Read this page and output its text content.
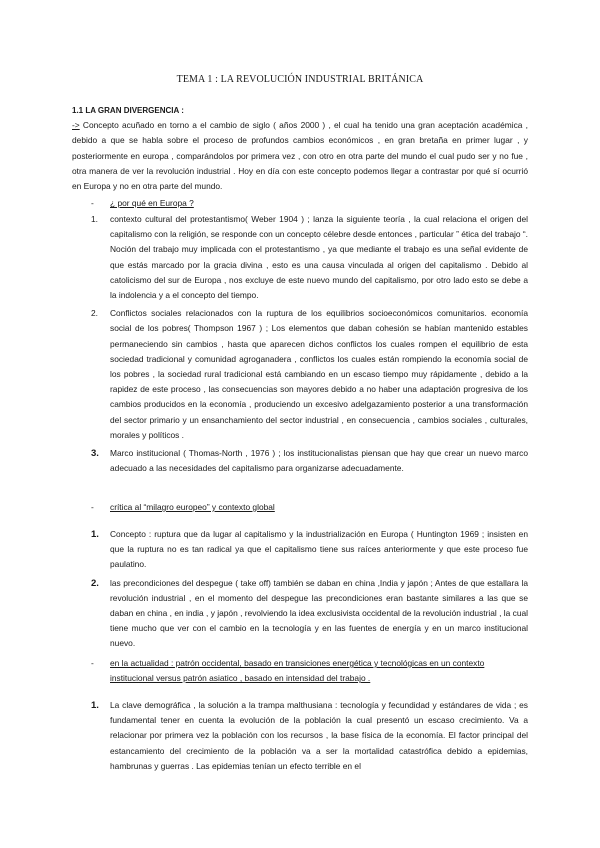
TEMA 1 : LA REVOLUCIÓN INDUSTRIAL BRITÁNICA
1.1 LA GRAN DIVERGENCIA :
-> Concepto acuñado en torno a el cambio de siglo ( años 2000 ) , el cual ha tenido una gran aceptación académica , debido a que se habla sobre el proceso de profundos cambios económicos , en gran bretaña en primer lugar , y posteriormente en europa , comparándolos por primera vez , con otro en otra parte del mundo el cual pudo ser y no fue , otra manera de ver la revolución industrial . Hoy en día con este concepto podemos llegar a contrastar por qué sí ocurrió en Europa y no en otra parte del mundo.
-	¿ por qué en Europa ?
1. contexto cultural del protestantismo( Weber 1904 ) ; lanza la siguiente teoría , la cual relaciona el origen del capitalismo con la religión, se responde con un concepto célebre desde entonces , particular ” ética del trabajo “. Noción del trabajo muy implicada con el protestantismo , ya que mediante el trabajo es una señal evidente de que estás marcado por la gracia divina , esto es una causa vinculada al origen del capitalismo . Debido al catolicismo del sur de Europa , nos excluye de este nuevo mundo del capitalismo, por otro lado esto se debe a la indolencia y a el concepto del tiempo.
2. Conflictos sociales relacionados con la ruptura de los equilibrios socioeconómicos comunitarios. economía social de los pobres( Thompson 1967 ) ; Los elementos que daban cohesión se habían mantenido estables permaneciendo sin cambios , hasta que aparecen dichos conflictos los cuales rompen el equilibrio de esta sociedad tradicional y comunidad agroganadera , conflictos los cuales están rompiendo la economía social de los pobres , la sociedad rural tradicional está cambiando en un escaso tiempo muy rápidamente , debido a la rapidez de este proceso , las consecuencias son mayores debido a no haber una adaptación progresiva de los cambios producidos en la economía , produciendo un excesivo adelgazamiento posterior a una transformación del sector primario y un ensanchamiento del sector industrial , en consecuencia , cambios sociales , culturales, morales y políticos .
3. Marco institucional ( Thomas-North , 1976 ) ; los institucionalistas piensan que hay que crear un nuevo marco adecuado a las necesidades del capitalismo para organizarse adecuadamente.
-	crítica al “milagro europeo” y contexto global
1. Concepto : ruptura que da lugar al capitalismo y la industrialización en Europa ( Huntington 1969 ; insisten en que la ruptura no es tan radical ya que el capitalismo tiene sus raíces anteriormente y que este proceso fue paulatino.
2. las precondiciones del despegue ( take off) también se daban en china ,India y japón ; Antes de que estallara la revolución industrial , en el momento del despegue las precondiciones eran bastante similares a las que se daban en china , en india , y japón , revolviendo la idea exclusivista occidental de la revolución industrial , la cual tiene mucho que ver con el cambio en la tecnología y en las fuentes de energía y en un marco institucional nuevo.
-	en la actualidad : patrón occidental, basado en transiciones energética y tecnológicas en un contexto institucional versus patrón asiatico , basado en intensidad del trabajo .
1. La clave demográfica , la solución a la trampa malthusiana : tecnología y fecundidad y estándares de vida ; es fundamental tener en cuenta la evolución de la población la cual presentó un escaso crecimiento. Va a relacionar por primera vez la población con los recursos , la base física de la economía. El factor principal del estancamiento del crecimiento de la población va a ser la mortalidad catastrófica debido a epidemias, hambrunas y guerras . Las epidemias tenían un efecto terrible en el
